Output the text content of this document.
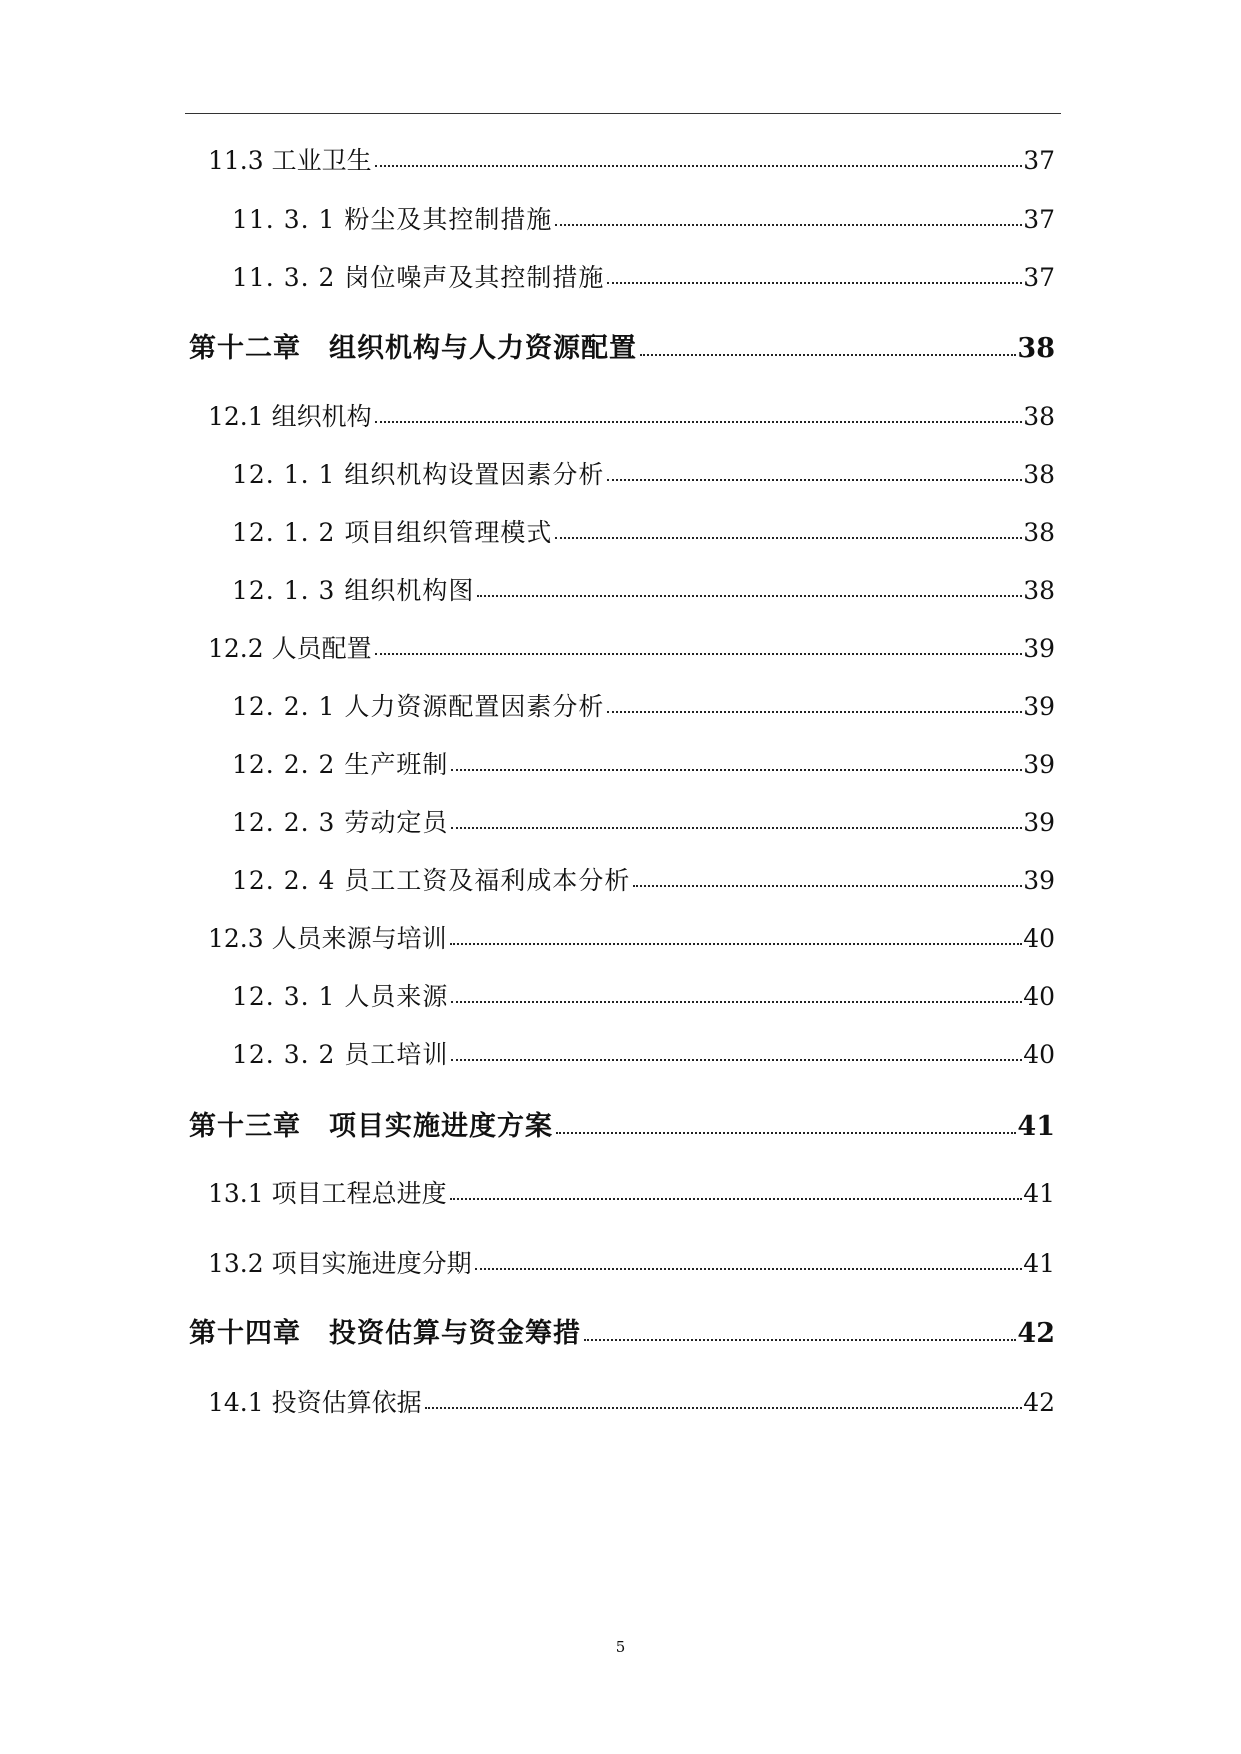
11.3 工业卫生	37
11. 3. 1 粉尘及其控制措施	37
11. 3. 2 岗位噪声及其控制措施	37
第十二章　组织机构与人力资源配置	38
12.1 组织机构	38
12. 1. 1 组织机构设置因素分析	38
12. 1. 2 项目组织管理模式	38
12. 1. 3 组织机构图	38
12.2 人员配置	39
12. 2. 1 人力资源配置因素分析	39
12. 2. 2 生产班制	39
12. 2. 3 劳动定员	39
12. 2. 4 员工工资及福利成本分析	39
12.3 人员来源与培训	40
12. 3. 1 人员来源	40
12. 3. 2 员工培训	40
第十三章　项目实施进度方案	41
13.1 项目工程总进度	41
13.2 项目实施进度分期	41
第十四章　投资估算与资金筹措	42
14.1 投资估算依据	42
5
